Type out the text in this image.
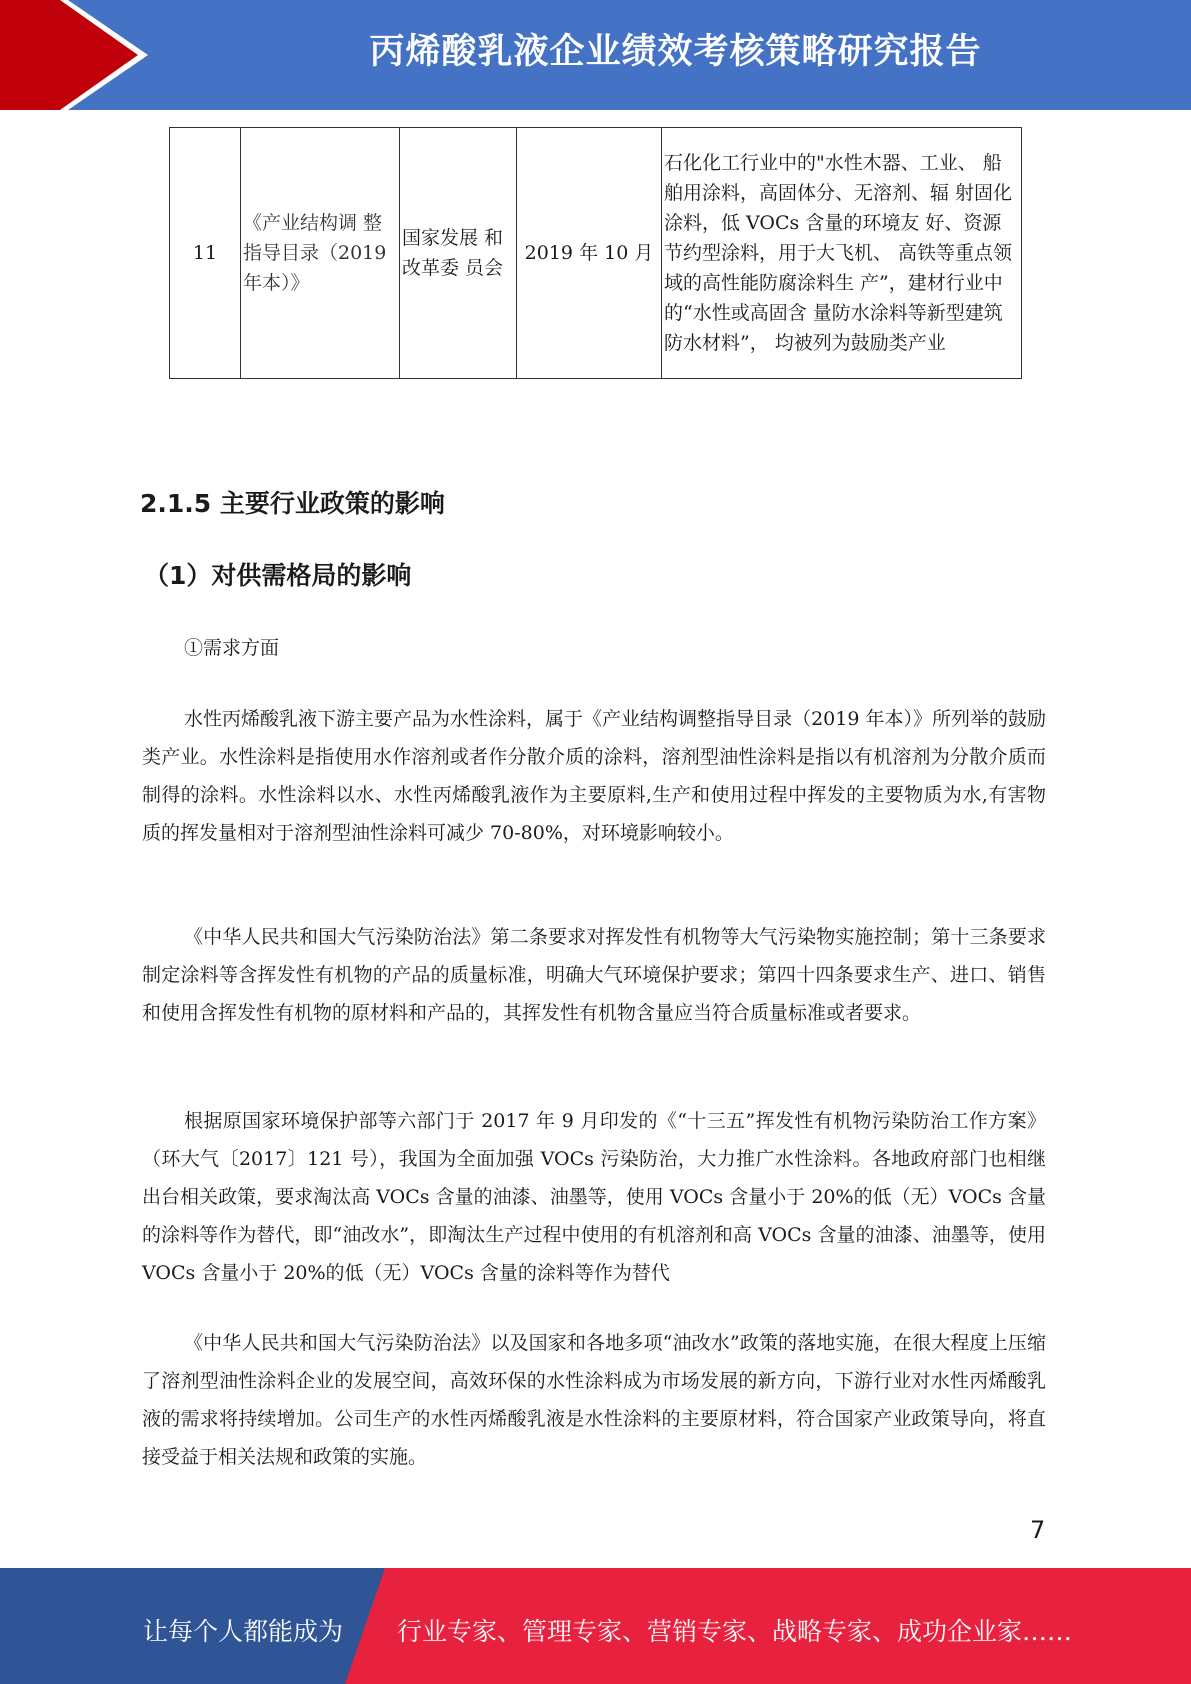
丙烯酸乳液企业绩效考核策略研究报告
11	《产业结构调 整指导目录（2019 年本）》	国家发展 和改革委 员会	2019 年 10 月	石化化工行业中的"水性木器、工业、 船舶用涂料，高固体分、无溶剂、辐 射固化涂料，低 VOCs 含量的环境友 好、资源节约型涂料，用于大飞机、 高铁等重点领域的高性能防腐涂料生 产”，建材行业中的“水性或高固含 量防水涂料等新型建筑防水材料”， 均被列为鼓励类产业
2.1.5 主要行业政策的影响
（1）对供需格局的影响
①需求方面

水性丙烯酸乳液下游主要产品为水性涂料，属于《产业结构调整指导目录（2019 年本）》所列举的鼓励类产业。水性涂料是指使用水作溶剂或者作分散介质的涂料，溶剂型油性涂料是指以有机溶剂为分散介质而制得的涂料。水性涂料以水、水性丙烯酸乳液作为主要原料,生产和使用过程中挥发的主要物质为水,有害物质的挥发量相对于溶剂型油性涂料可减少 70-80%，对环境影响较小。

《中华人民共和国大气污染防治法》第二条要求对挥发性有机物等大气污染物实施控制；第十三条要求制定涂料等含挥发性有机物的产品的质量标准，明确大气环境保护要求；第四十四条要求生产、进口、销售和使用含挥发性有机物的原材料和产品的，其挥发性有机物含量应当符合质量标准或者要求。

根据原国家环境保护部等六部门于 2017 年 9 月印发的《“十三五”挥发性有机物污染防治工作方案》（环大气〔2017〕121 号），我国为全面加强 VOCs 污染防治，大力推广水性涂料。各地政府部门也相继出台相关政策，要求淘汰高 VOCs 含量的油漆、油墨等，使用 VOCs 含量小于 20%的低（无）VOCs 含量的涂料等作为替代，即“油改水”，即淘汰生产过程中使用的有机溶剂和高 VOCs 含量的油漆、油墨等，使用 VOCs 含量小于 20%的低（无）VOCs 含量的涂料等作为替代

《中华人民共和国大气污染防治法》以及国家和各地多项“油改水”政策的落地实施，在很大程度上压缩了溶剂型油性涂料企业的发展空间，高效环保的水性涂料成为市场发展的新方向，下游行业对水性丙烯酸乳液的需求将持续增加。公司生产的水性丙烯酸乳液是水性涂料的主要原材料，符合国家产业政策导向，将直接受益于相关法规和政策的实施。

7
让每个人都能成为 行业专家、管理专家、营销专家、战略专家、成功企业家……
